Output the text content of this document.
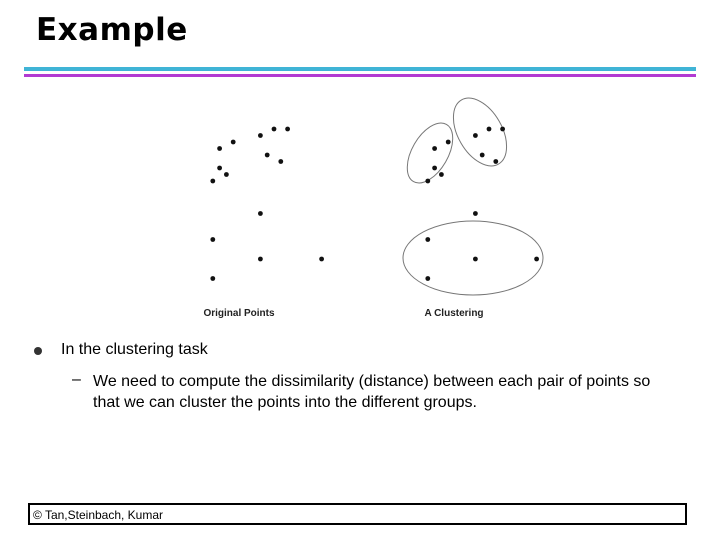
Example
Original Points	A Clustering
In the clustering task
– We need to compute the dissimilarity (distance) between each pair of points so that we can cluster the points into the different groups.
© Tan,Steinbach, Kumar
